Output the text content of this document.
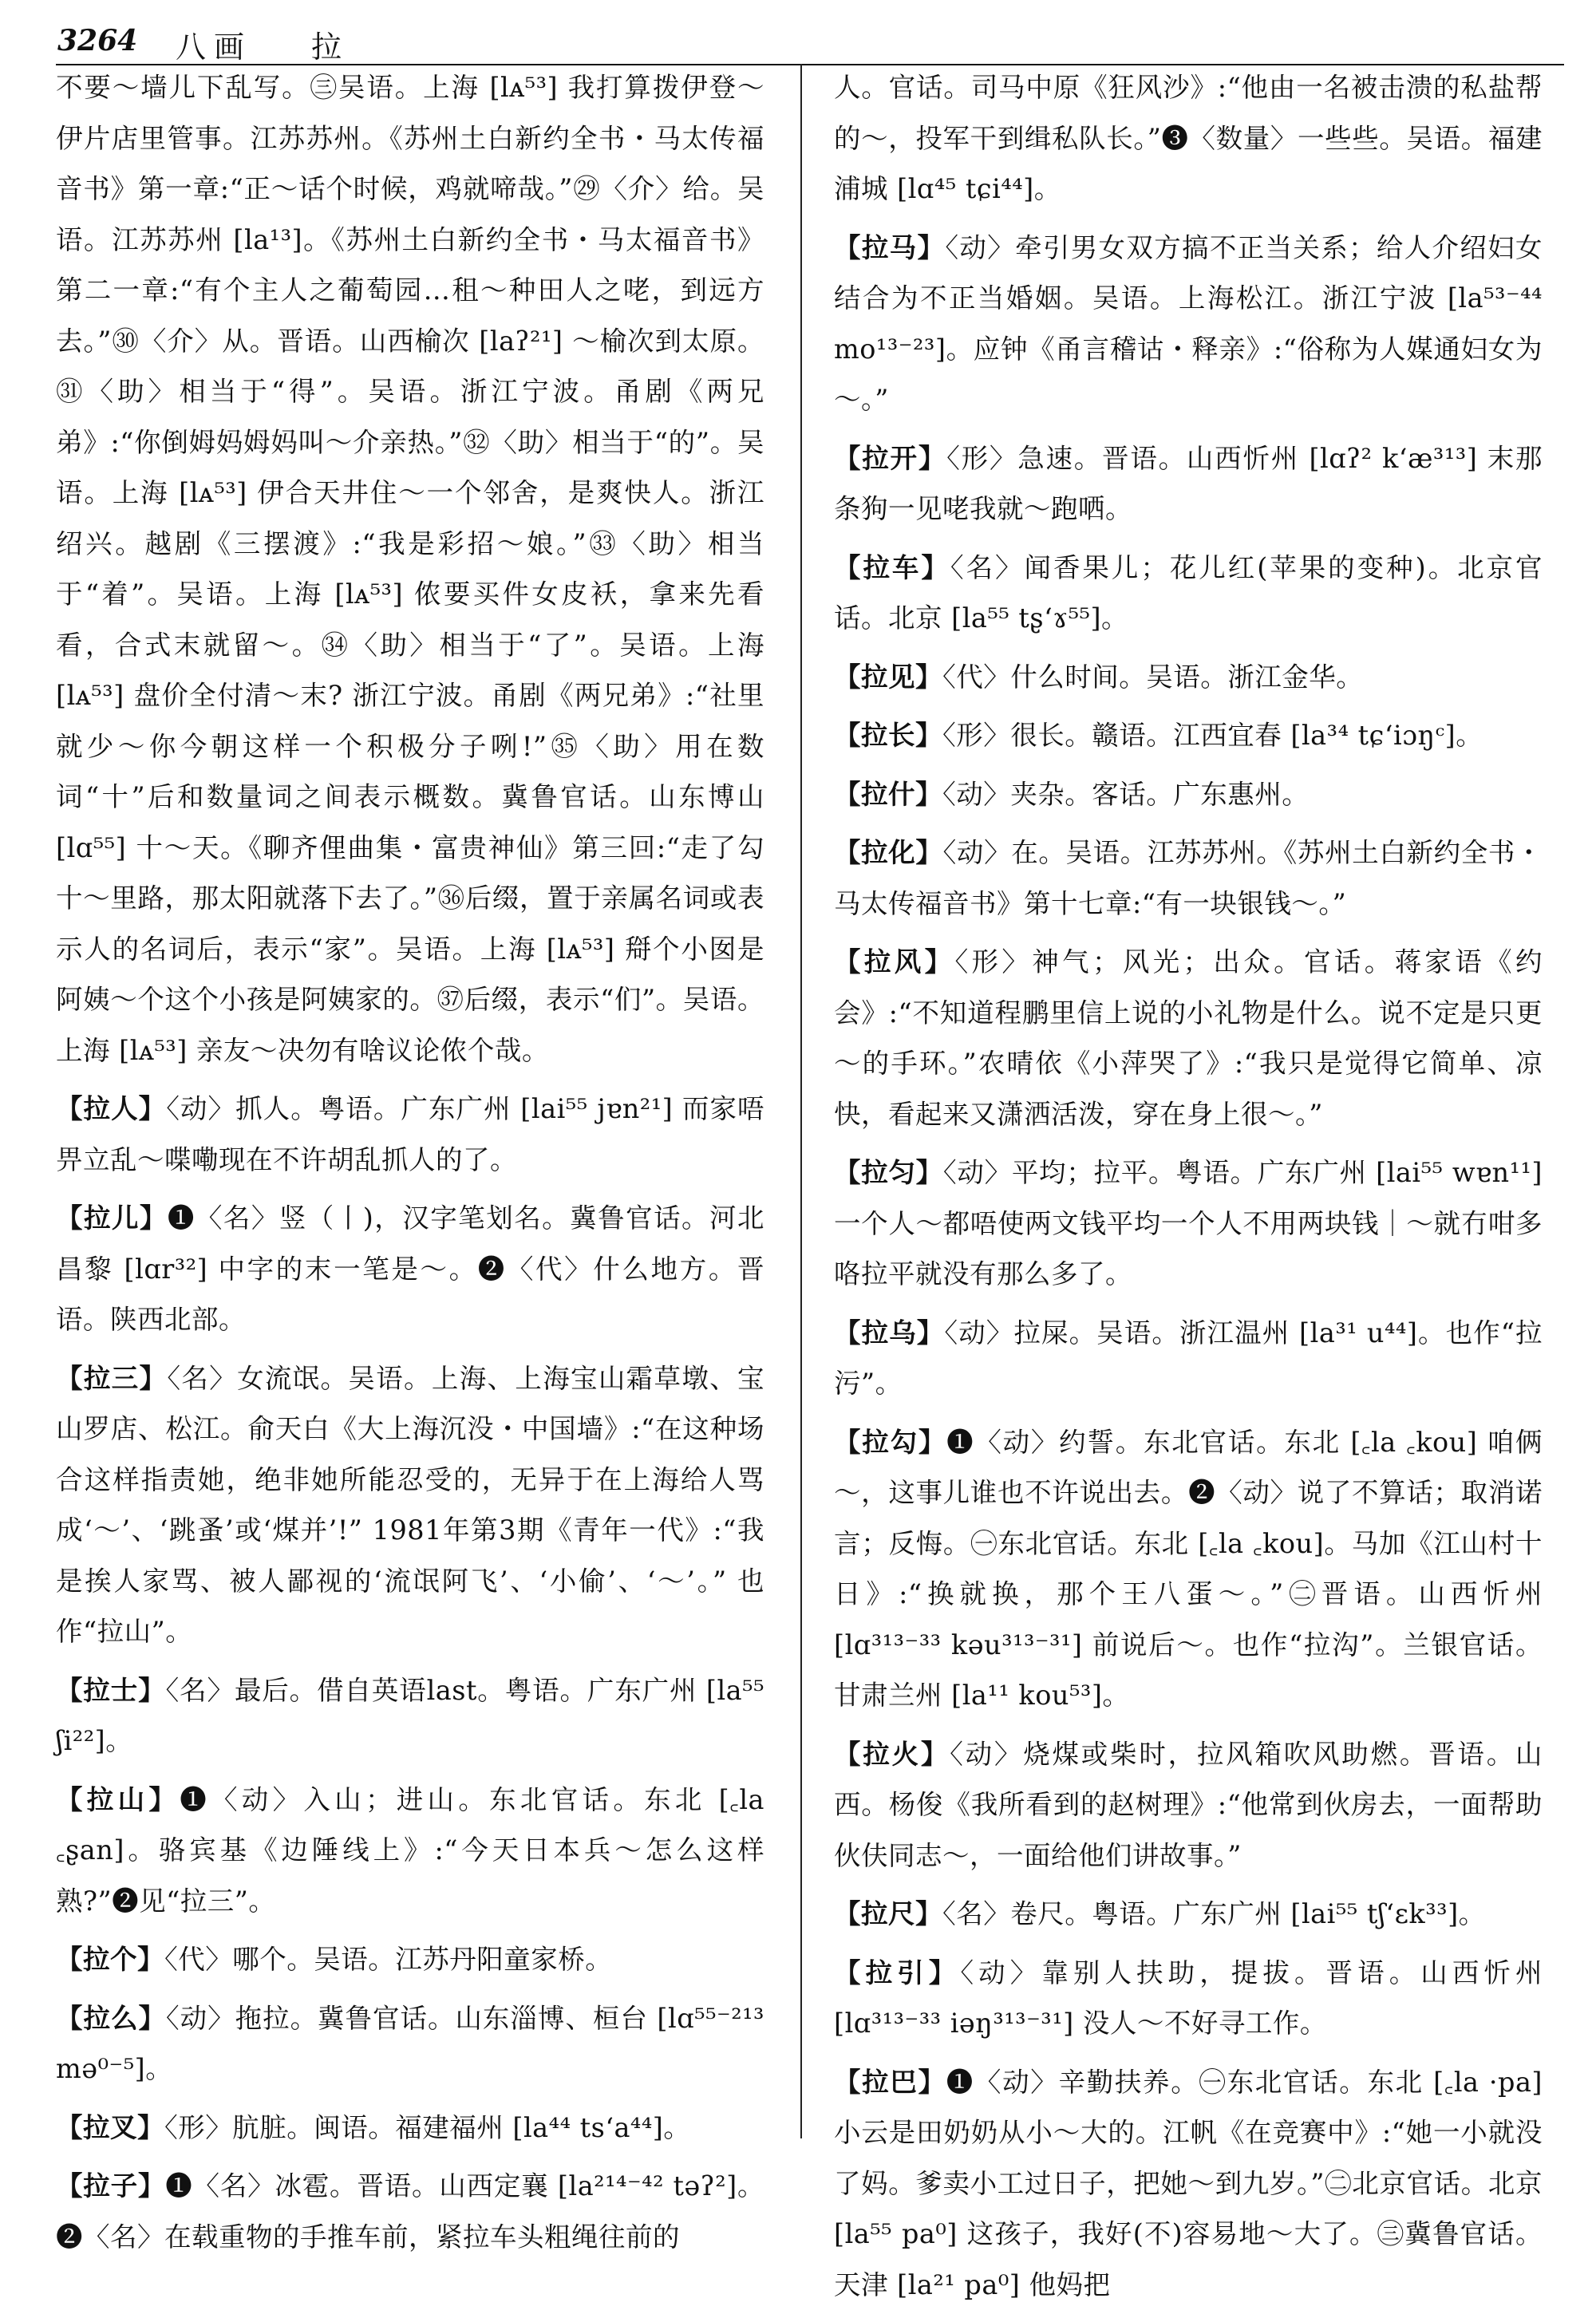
3264 八画 拉

不要～墙儿下乱写。㊂吴语。上海 [lᴀ⁵³] 我打算拨伊登～伊片店里管事。江苏苏州。《苏州土白新约全书・马太传福音书》第一章:“正～话个时候，鸡就啼哉。”㉙〈介〉给。吴语。江苏苏州 [la¹³]。《苏州土白新约全书・马太福音书》第二一章:“有个主人之葡萄园…租～种田人之咾，到远方去。”㉚〈介〉从。晋语。山西榆次 [laʔ²¹] ～榆次到太原。㉛〈助〉相当于“得”。吴语。浙江宁波。甬剧《两兄弟》:“你倒姆妈姆妈叫～介亲热。”㉜〈助〉相当于“的”。吴语。上海 [lᴀ⁵³] 伊合天井住～一个邻舍，是爽快人。浙江绍兴。越剧《三摆渡》:“我是彩招～娘。”㉝〈助〉相当于“着”。吴语。上海 [lᴀ⁵³] 侬要买件女皮袄，拿来先看看，合式末就留～。㉞〈助〉相当于“了”。吴语。上海 [lᴀ⁵³] 盘价全付清～末? 浙江宁波。甬剧《两兄弟》:“社里就少～你今朝这样一个积极分子咧!”㉟〈助〉用在数词“十”后和数量词之间表示概数。冀鲁官话。山东博山 [lɑ⁵⁵] 十～天。《聊齐俚曲集・富贵神仙》第三回:“走了勾十～里路，那太阳就落下去了。”㊱后缀，置于亲属名词或表示人的名词后，表示“家”。吴语。上海 [lᴀ⁵³] 搿个小囡是阿姨～个这个小孩是阿姨家的。㊲后缀，表示“们”。吴语。上海 [lᴀ⁵³] 亲友～决勿有啥议论侬个哉。

【拉人】〈动〉抓人。粤语。广东广州 [lai⁵⁵ jɐn²¹] 而家唔畀立乱～喋嘞现在不许胡乱抓人的了。

【拉儿】❶〈名〉竖（丨)，汉字笔划名。冀鲁官话。河北昌黎 [lɑr³²] 中字的末一笔是～。❷〈代〉什么地方。晋语。陕西北部。

【拉三】〈名〉女流氓。吴语。上海、上海宝山霜草墩、宝山罗店、松江。俞天白《大上海沉没・中国墙》:“在这种场合这样指责她，绝非她所能忍受的，无异于在上海给人骂成‘～’、‘跳蚤’或‘煤并’!” 1981年第3期《青年一代》:“我是挨人家骂、被人鄙视的‘流氓阿飞’、‘小偷’、‘～’。” 也作“拉山”。

【拉士】〈名〉最后。借自英语last。粤语。广东广州 [la⁵⁵ ʃi²²]。

【拉山】❶〈动〉入山；进山。东北官话。东北 [꜀la ꜀ʂan]。骆宾基《边陲线上》:“今天日本兵～怎么这样熟?”❷见“拉三”。

【拉个】〈代〉哪个。吴语。江苏丹阳童家桥。

【拉么】〈动〉拖拉。冀鲁官话。山东淄博、桓台 [lɑ⁵⁵⁻²¹³ mə⁰⁻⁵]。

【拉叉】〈形〉肮脏。闽语。福建福州 [la⁴⁴ tsʻa⁴⁴]。

【拉子】❶〈名〉冰雹。晋语。山西定襄 [la²¹⁴⁻⁴² təʔ²]。❷〈名〉在载重物的手推车前，紧拉车头粗绳往前的

人。官话。司马中原《狂风沙》:“他由一名被击溃的私盐帮的～，投军干到缉私队长。”❸〈数量〉一些些。吴语。福建浦城 [lɑ⁴⁵ tɕi⁴⁴]。

【拉马】〈动〉牵引男女双方搞不正当关系；给人介绍妇女结合为不正当婚姻。吴语。上海松江。浙江宁波 [la⁵³⁻⁴⁴ mo¹³⁻²³]。应钟《甬言稽诂・释亲》:“俗称为人媒通妇女为～。”

【拉开】〈形〉急速。晋语。山西忻州 [lɑʔ² kʻæ³¹³] 末那条狗一见咾我就～跑哂。

【拉车】〈名〉闻香果儿；花儿红(苹果的变种)。北京官话。北京 [la⁵⁵ tʂʻɤ⁵⁵]。

【拉见】〈代〉什么时间。吴语。浙江金华。

【拉长】〈形〉很长。赣语。江西宜春 [la³⁴ tɕʻiɔŋᶜ]。

【拉什】〈动〉夹杂。客话。广东惠州。

【拉化】〈动〉在。吴语。江苏苏州。《苏州土白新约全书・马太传福音书》第十七章:“有一块银钱～。”

【拉风】〈形〉神气；风光；出众。官话。蒋家语《约会》:“不知道程鹏里信上说的小礼物是什么。说不定是只更～的手环。”农晴依《小萍哭了》:“我只是觉得它简单、凉快，看起来又潇洒活泼，穿在身上很～。”

【拉匀】〈动〉平均；拉平。粤语。广东广州 [lai⁵⁵ wɐn¹¹] 一个人～都唔使两文钱平均一个人不用两块钱｜～就冇咁多咯拉平就没有那么多了。

【拉乌】〈动〉拉屎。吴语。浙江温州 [la³¹ u⁴⁴]。也作“拉污”。

【拉勾】❶〈动〉约誓。东北官话。东北 [꜀la ꜀kou] 咱俩～，这事儿谁也不许说出去。❷〈动〉说了不算话；取消诺言；反悔。㊀东北官话。东北 [꜀la ꜀kou]。马加《江山村十日》:“换就换，那个王八蛋～。”㊁晋语。山西忻州 [lɑ³¹³⁻³³ kəu³¹³⁻³¹] 前说后～。也作“拉沟”。兰银官话。甘肃兰州 [la¹¹ kou⁵³]。

【拉火】〈动〉烧煤或柴时，拉风箱吹风助燃。晋语。山西。杨俊《我所看到的赵树理》:“他常到伙房去，一面帮助伙伕同志～，一面给他们讲故事。”

【拉尺】〈名〉卷尺。粤语。广东广州 [lai⁵⁵ tʃʻɛk³³]。

【拉引】〈动〉靠别人扶助，提拔。晋语。山西忻州 [lɑ³¹³⁻³³ iəŋ³¹³⁻³¹] 没人～不好寻工作。

【拉巴】❶〈动〉辛勤扶养。㊀东北官话。东北 [꜀la ·pa] 小云是田奶奶从小～大的。江帆《在竞赛中》:“她一小就没了妈。爹卖小工过日子，把她～到九岁。”㊁北京官话。北京 [la⁵⁵ pa⁰] 这孩子，我好(不)容易地～大了。㊂冀鲁官话。天津 [la²¹ pa⁰] 他妈把
